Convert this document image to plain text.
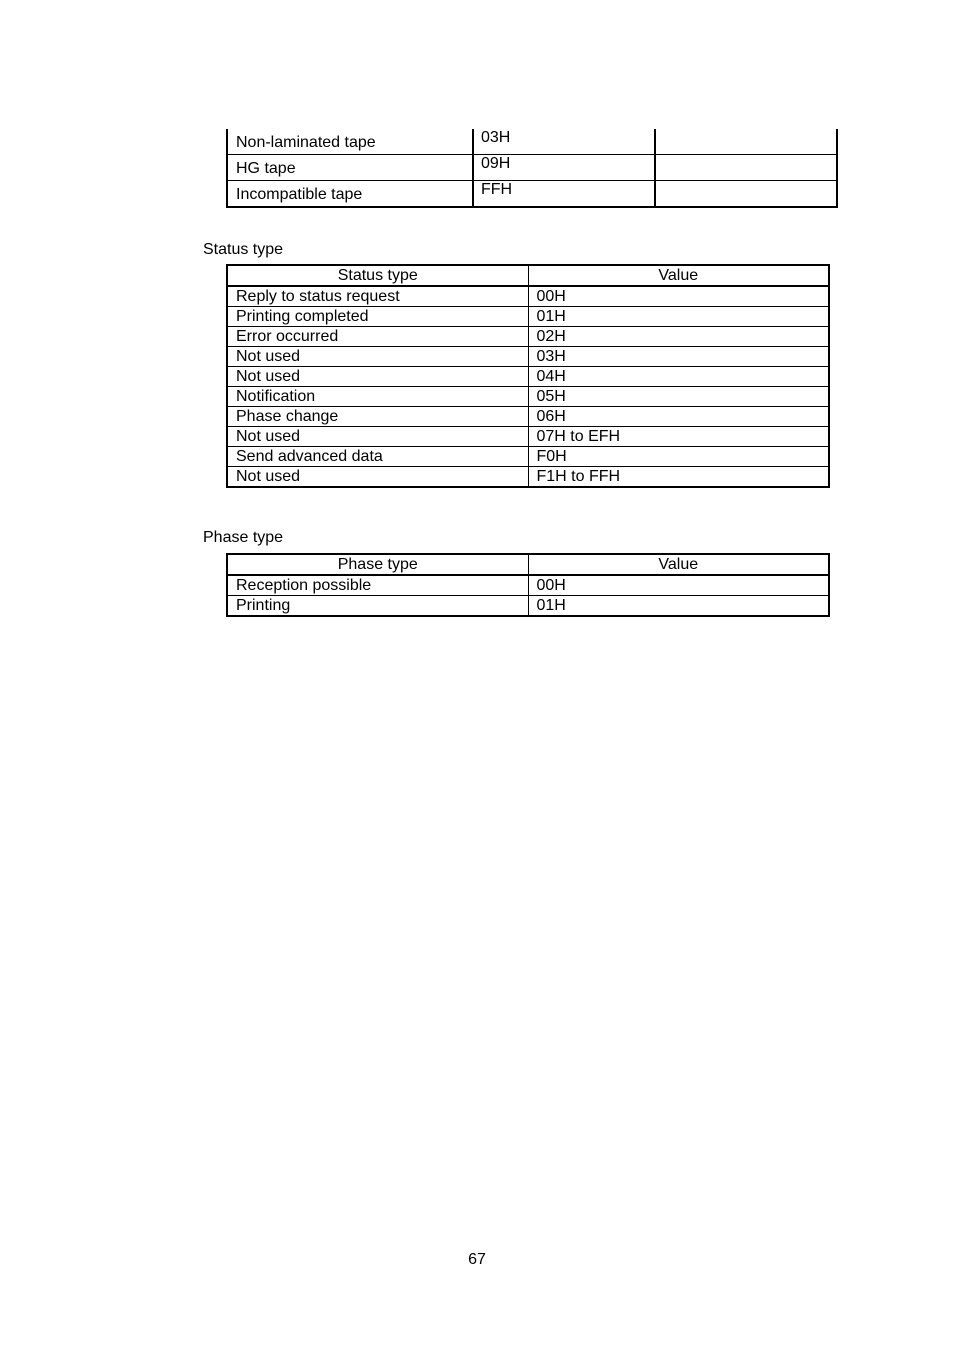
Non-laminated tape	03H	
HG tape	09H	
Incompatible tape	FFH	
Status type
Status type	Value
Reply to status request	00H
Printing completed	01H
Error occurred	02H
Not used	03H
Not used	04H
Notification	05H
Phase change	06H
Not used	07H to EFH
Send advanced data	F0H
Not used	F1H to FFH
Phase type
Phase type	Value
Reception possible	00H
Printing	01H
67
